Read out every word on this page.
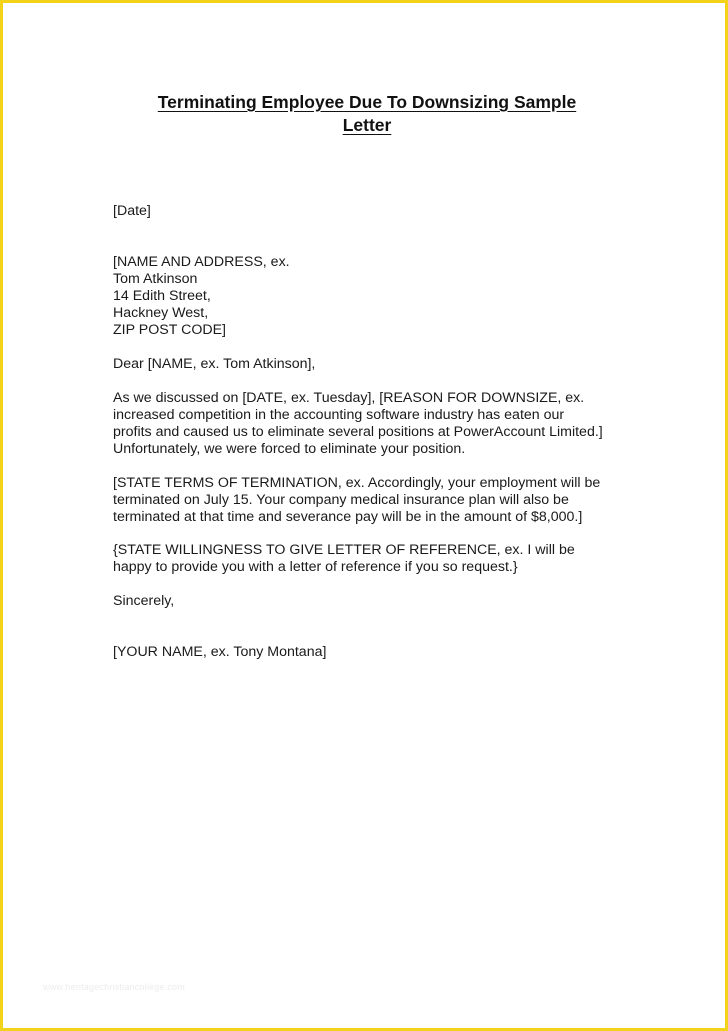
Terminating Employee Due To Downsizing Sample
Letter
[Date]
[NAME AND ADDRESS, ex.
Tom Atkinson
14 Edith Street,
Hackney West,
ZIP POST CODE]
Dear [NAME, ex. Tom Atkinson],
As we discussed on [DATE, ex. Tuesday], [REASON FOR DOWNSIZE, ex.
increased competition in the accounting software industry has eaten our
profits and caused us to eliminate several positions at PowerAccount Limited.]
Unfortunately, we were forced to eliminate your position.
[STATE TERMS OF TERMINATION, ex. Accordingly, your employment will be
terminated on July 15. Your company medical insurance plan will also be
terminated at that time and severance pay will be in the amount of $8,000.]
{STATE WILLINGNESS TO GIVE LETTER OF REFERENCE, ex. I will be
happy to provide you with a letter of reference if you so request.}
Sincerely,
[YOUR NAME, ex. Tony Montana]
www.heritagechristiancollege.com
